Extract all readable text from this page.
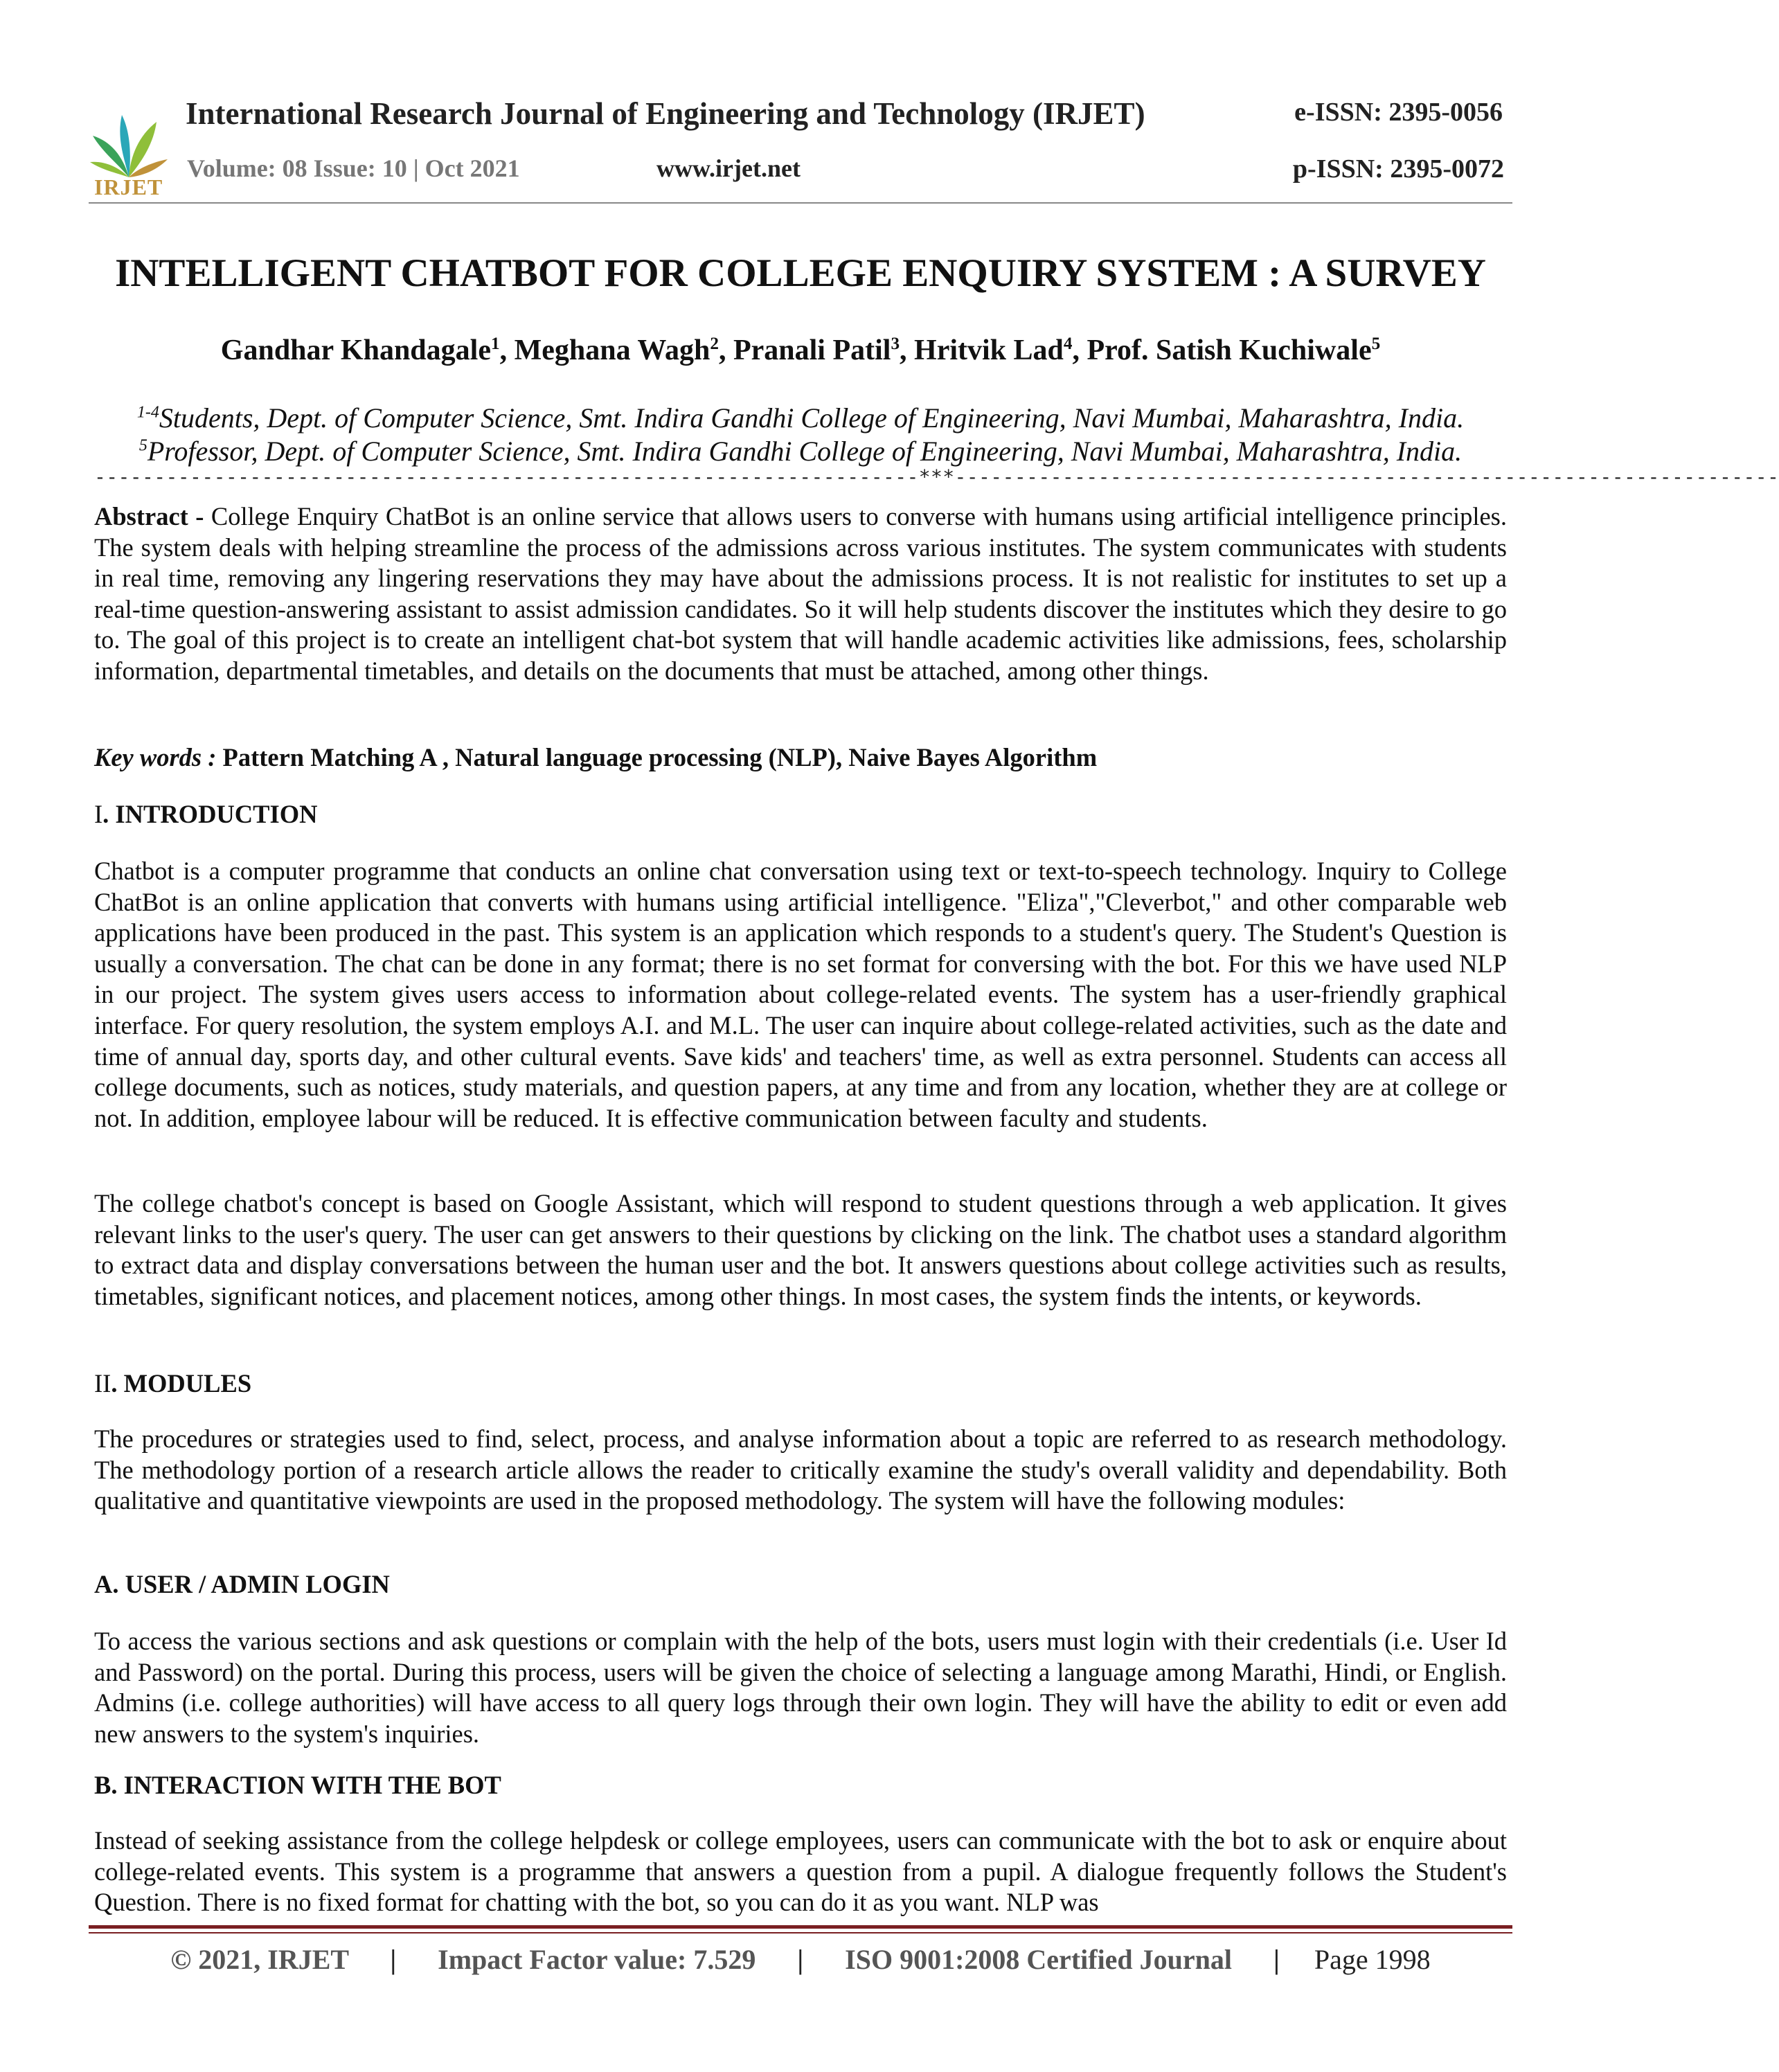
IRJET
International Research Journal of Engineering and Technology (IRJET)	e-ISSN: 2395-0056
Volume: 08 Issue: 10 | Oct 2021	www.irjet.net	p-ISSN: 2395-0072
INTELLIGENT CHATBOT FOR COLLEGE ENQUIRY SYSTEM : A SURVEY
Gandhar Khandagale$^1$, Meghana Wagh$^2$, Pranali Patil$^3$, Hritvik Lad$^4$, Prof. Satish Kuchiwale$^5$
$^{1-4}$Students, Dept. of Computer Science, Smt. Indira Gandhi College of Engineering, Navi Mumbai, Maharashtra, India.
$^5$Professor, Dept. of Computer Science, Smt. Indira Gandhi College of Engineering, Navi Mumbai, Maharashtra, India.
---------------------------------------------------------------------***---------------------------------------------------------------------
Abstract - College Enquiry ChatBot is an online service that allows users to converse with humans using artificial intelligence principles. The system deals with helping streamline the process of the admissions across various institutes. The system communicates with students in real time, removing any lingering reservations they may have about the admissions process. It is not realistic for institutes to set up a real-time question-answering assistant to assist admission candidates. So it will help students discover the institutes which they desire to go to. The goal of this project is to create an intelligent chat-bot system that will handle academic activities like admissions, fees, scholarship information, departmental timetables, and details on the documents that must be attached, among other things.
Key words : Pattern Matching A , Natural language processing (NLP), Naive Bayes Algorithm
I. INTRODUCTION
Chatbot is a computer programme that conducts an online chat conversation using text or text-to-speech technology. Inquiry to College ChatBot is an online application that converts with humans using artificial intelligence. "Eliza","Cleverbot," and other comparable web applications have been produced in the past. This system is an application which responds to a student's query. The Student's Question is usually a conversation. The chat can be done in any format; there is no set format for conversing with the bot. For this we have used NLP in our project. The system gives users access to information about college-related events. The system has a user-friendly graphical interface. For query resolution, the system employs A.I. and M.L. The user can inquire about college-related activities, such as the date and time of annual day, sports day, and other cultural events. Save kids' and teachers' time, as well as extra personnel. Students can access all college documents, such as notices, study materials, and question papers, at any time and from any location, whether they are at college or not. In addition, employee labour will be reduced. It is effective communication between faculty and students.
The college chatbot's concept is based on Google Assistant, which will respond to student questions through a web application. It gives relevant links to the user's query. The user can get answers to their questions by clicking on the link. The chatbot uses a standard algorithm to extract data and display conversations between the human user and the bot. It answers questions about college activities such as results, timetables, significant notices, and placement notices, among other things. In most cases, the system finds the intents, or keywords.
II. MODULES
The procedures or strategies used to find, select, process, and analyse information about a topic are referred to as research methodology. The methodology portion of a research article allows the reader to critically examine the study's overall validity and dependability. Both qualitative and quantitative viewpoints are used in the proposed methodology. The system will have the following modules:
A. USER / ADMIN LOGIN
To access the various sections and ask questions or complain with the help of the bots, users must login with their credentials (i.e. User Id and Password) on the portal. During this process, users will be given the choice of selecting a language among Marathi, Hindi, or English. Admins (i.e. college authorities) will have access to all query logs through their own login. They will have the ability to edit or even add new answers to the system's inquiries.
B. INTERACTION WITH THE BOT
Instead of seeking assistance from the college helpdesk or college employees, users can communicate with the bot to ask or enquire about college-related events. This system is a programme that answers a question from a pupil. A dialogue frequently follows the Student's Question. There is no fixed format for chatting with the bot, so you can do it as you want. NLP was
© 2021, IRJET | Impact Factor value: 7.529 | ISO 9001:2008 Certified Journal | Page 1998
